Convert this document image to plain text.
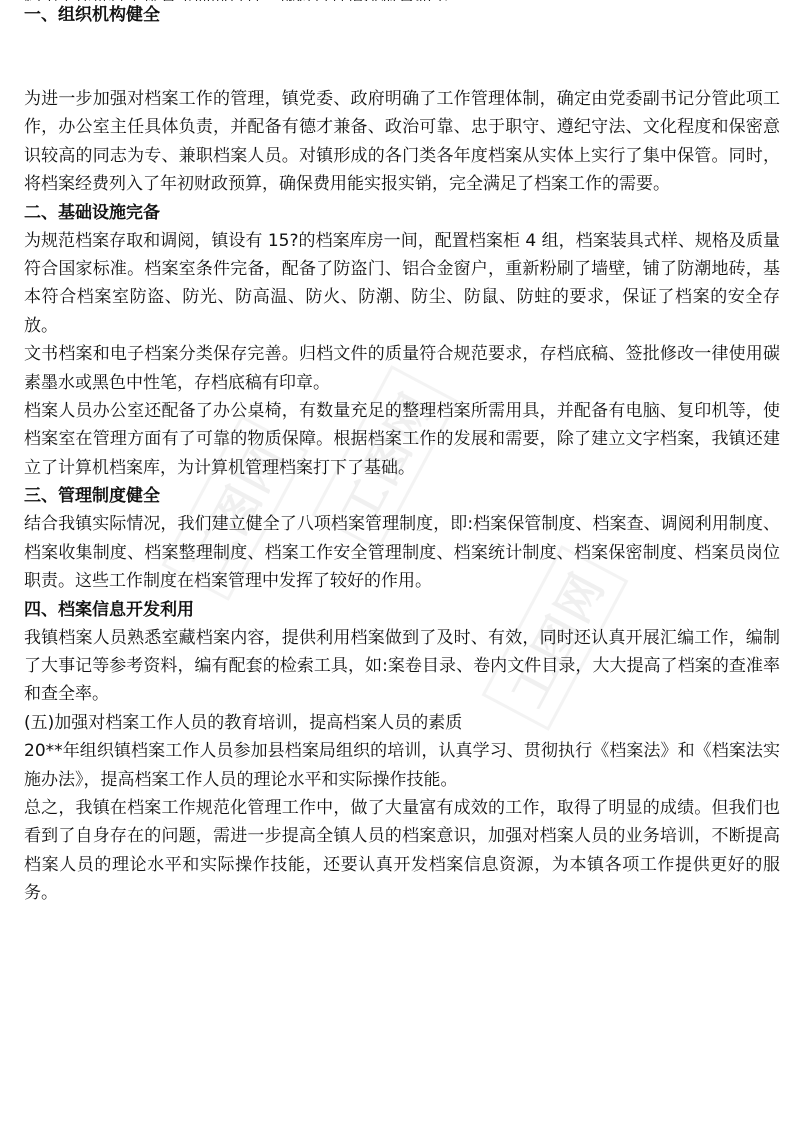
工图网 工图网
工图网
一、组织机构健全

为进一步加强对档案工作的管理，镇党委、政府明确了工作管理体制，确定由党委副书记分管此项工作，办公室主任具体负责，并配备有德才兼备、政治可靠、忠于职守、遵纪守法、文化程度和保密意识较高的同志为专、兼职档案人员。对镇形成的各门类各年度档案从实体上实行了集中保管。同时，将档案经费列入了年初财政预算，确保费用能实报实销，完全满足了档案工作的需要。

二、基础设施完备

为规范档案存取和调阅，镇设有 15?的档案库房一间，配置档案柜 4 组，档案装具式样、规格及质量符合国家标准。档案室条件完备，配备了防盗门、铝合金窗户，重新粉刷了墙壁，铺了防潮地砖，基本符合档案室防盗、防光、防高温、防火、防潮、防尘、防鼠、防蛀的要求，保证了档案的安全存放。

文书档案和电子档案分类保存完善。归档文件的质量符合规范要求，存档底稿、签批修改一律使用碳素墨水或黑色中性笔，存档底稿有印章。

档案人员办公室还配备了办公桌椅，有数量充足的整理档案所需用具，并配备有电脑、复印机等，使档案室在管理方面有了可靠的物质保障。根据档案工作的发展和需要，除了建立文字档案，我镇还建立了计算机档案库，为计算机管理档案打下了基础。

三、管理制度健全

结合我镇实际情况，我们建立健全了八项档案管理制度，即:档案保管制度、档案查、调阅利用制度、档案收集制度、档案整理制度、档案工作安全管理制度、档案统计制度、档案保密制度、档案员岗位职责。这些工作制度在档案管理中发挥了较好的作用。

四、档案信息开发利用

我镇档案人员熟悉室藏档案内容，提供利用档案做到了及时、有效，同时还认真开展汇编工作，编制了大事记等参考资料，编有配套的检索工具，如:案卷目录、卷内文件目录，大大提高了档案的查准率和查全率。

(五)加强对档案工作人员的教育培训，提高档案人员的素质

20**年组织镇档案工作人员参加县档案局组织的培训，认真学习、贯彻执行《档案法》和《档案法实施办法》，提高档案工作人员的理论水平和实际操作技能。

总之，我镇在档案工作规范化管理工作中，做了大量富有成效的工作，取得了明显的成绩。但我们也看到了自身存在的问题，需进一步提高全镇人员的档案意识，加强对档案人员的业务培训，不断提高档案人员的理论水平和实际操作技能，还要认真开发档案信息资源，为本镇各项工作提供更好的服务。
